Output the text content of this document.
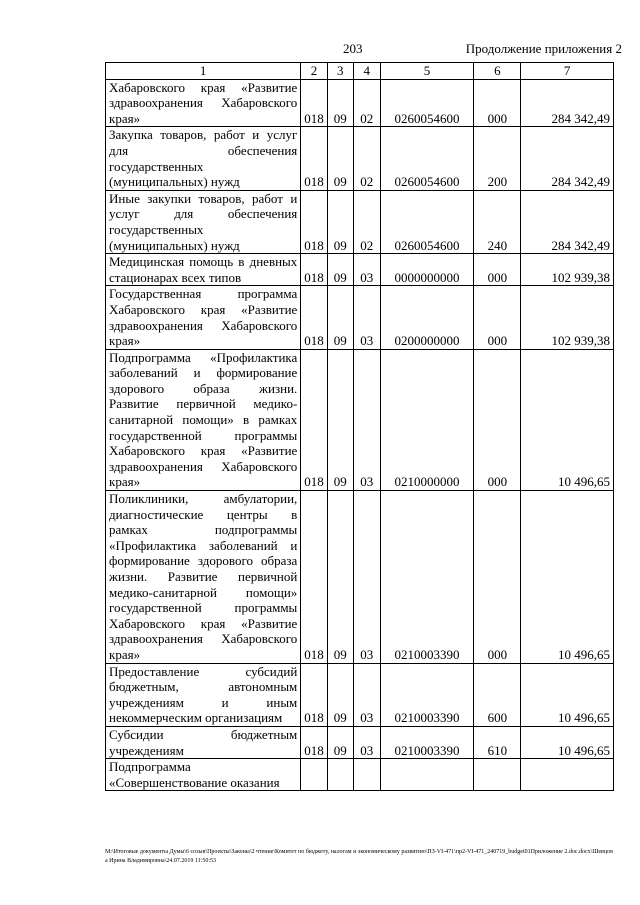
203	Продолжение приложения 2
1	2	3	4	5	6	7
Хабаровского края «Развитие здравоохранения Хабаровского края»	018	09	02	0260054600	000	284 342,49
Закупка товаров, работ и услуг для обеспечения государственных (муниципальных) нужд	018	09	02	0260054600	200	284 342,49
Иные закупки товаров, работ и услуг для обеспечения государственных (муниципальных) нужд	018	09	02	0260054600	240	284 342,49
Медицинская помощь в дневных стационарах всех типов	018	09	03	0000000000	000	102 939,38
Государственная программа Хабаровского края «Развитие здравоохранения Хабаровского края»	018	09	03	0200000000	000	102 939,38
Подпрограмма «Профилактика заболеваний и формирование здорового образа жизни. Развитие первичной медико-санитарной помощи» в рамках государственной программы Хабаровского края «Развитие здравоохранения Хабаровского края»	018	09	03	0210000000	000	10 496,65
Поликлиники, амбулатории, диагностические центры в рамках подпрограммы «Профилактика заболеваний и формирование здорового образа жизни. Развитие первичной медико-санитарной помощи» государственной программы Хабаровского края «Развитие здравоохранения Хабаровского края»	018	09	03	0210003390	000	10 496,65
Предоставление субсидий бюджетным, автономным учреждениям и иным некоммерческим организациям	018	09	03	0210003390	600	10 496,65
Субсидии бюджетным учреждениям	018	09	03	0210003390	610	10 496,65
Подпрограмма «Совершенствование оказания						
M:\Итоговые документы Думы\6 созыв\Проекты\Законы\2 чтение\Комитет по бюджету, налогам и экономическому развитию\ПЗ-VI-471\пр2-VI-471_240719_budget01Приложение 2.doc.docx\Шевцова Ирина Владимировна\24.07.2019 11:50:53
